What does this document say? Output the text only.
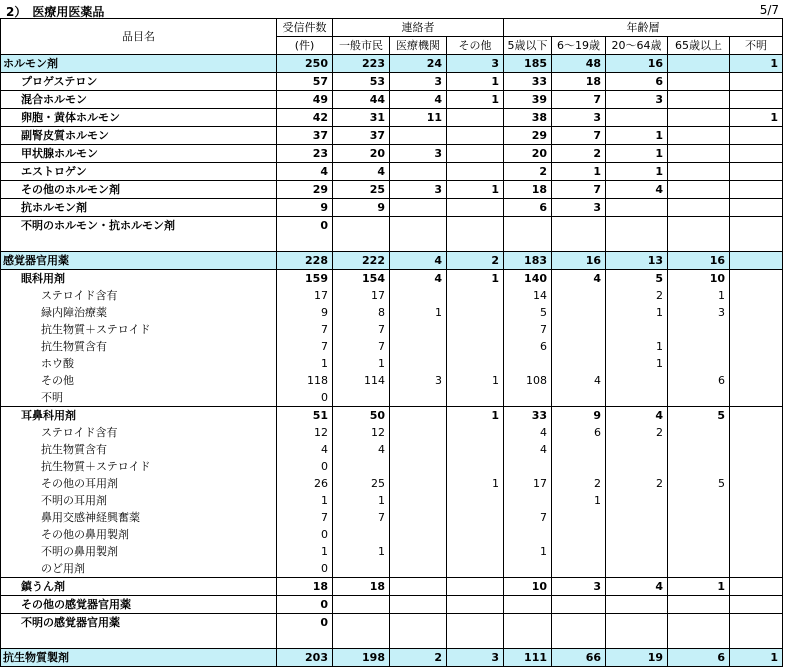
2）　医療用医薬品	5/7
品目名	受信件数	連絡者			年齢層				
	(件)	一般市民	医療機関	その他	5歳以下	6～19歳	20～64歳	65歳以上	不明
ホルモン剤	250	223	24	3	185	48	16		1
プロゲステロン	57	53	3	1	33	18	6		
混合ホルモン	49	44	4	1	39	7	3		
卵胞・黄体ホルモン	42	31	11		38	3			1
副腎皮質ホルモン	37	37			29	7	1		
甲状腺ホルモン	23	20	3		20	2	1		
エストロゲン	4	4			2	1	1		
その他のホルモン剤	29	25	3	1	18	7	4		
抗ホルモン剤	9	9			6	3			
不明のホルモン・抗ホルモン剤	0								

感覚器官用薬	228	222	4	2	183	16	13	16	
眼科用剤	159	154	4	1	140	4	5	10	
ステロイド含有	17	17			14		2	1	
緑内障治療薬	9	8	1		5		1	3	
抗生物質＋ステロイド	7	7			7				
抗生物質含有	7	7			6		1		
ホウ酸	1	1					1		
その他	118	114	3	1	108	4		6	
不明	0								
耳鼻科用剤	51	50		1	33	9	4	5	
ステロイド含有	12	12			4	6	2		
抗生物質含有	4	4			4				
抗生物質＋ステロイド	0								
その他の耳用剤	26	25		1	17	2	2	5	
不明の耳用剤	1	1				1			
鼻用交感神経興奮薬	7	7			7				
その他の鼻用製剤	0								
不明の鼻用製剤	1	1			1				
のど用剤	0								
鎮うん剤	18	18			10	3	4	1	
その他の感覚器官用薬	0								
不明の感覚器官用薬	0								

抗生物質製剤	203	198	2	3	111	66	19	6	1
